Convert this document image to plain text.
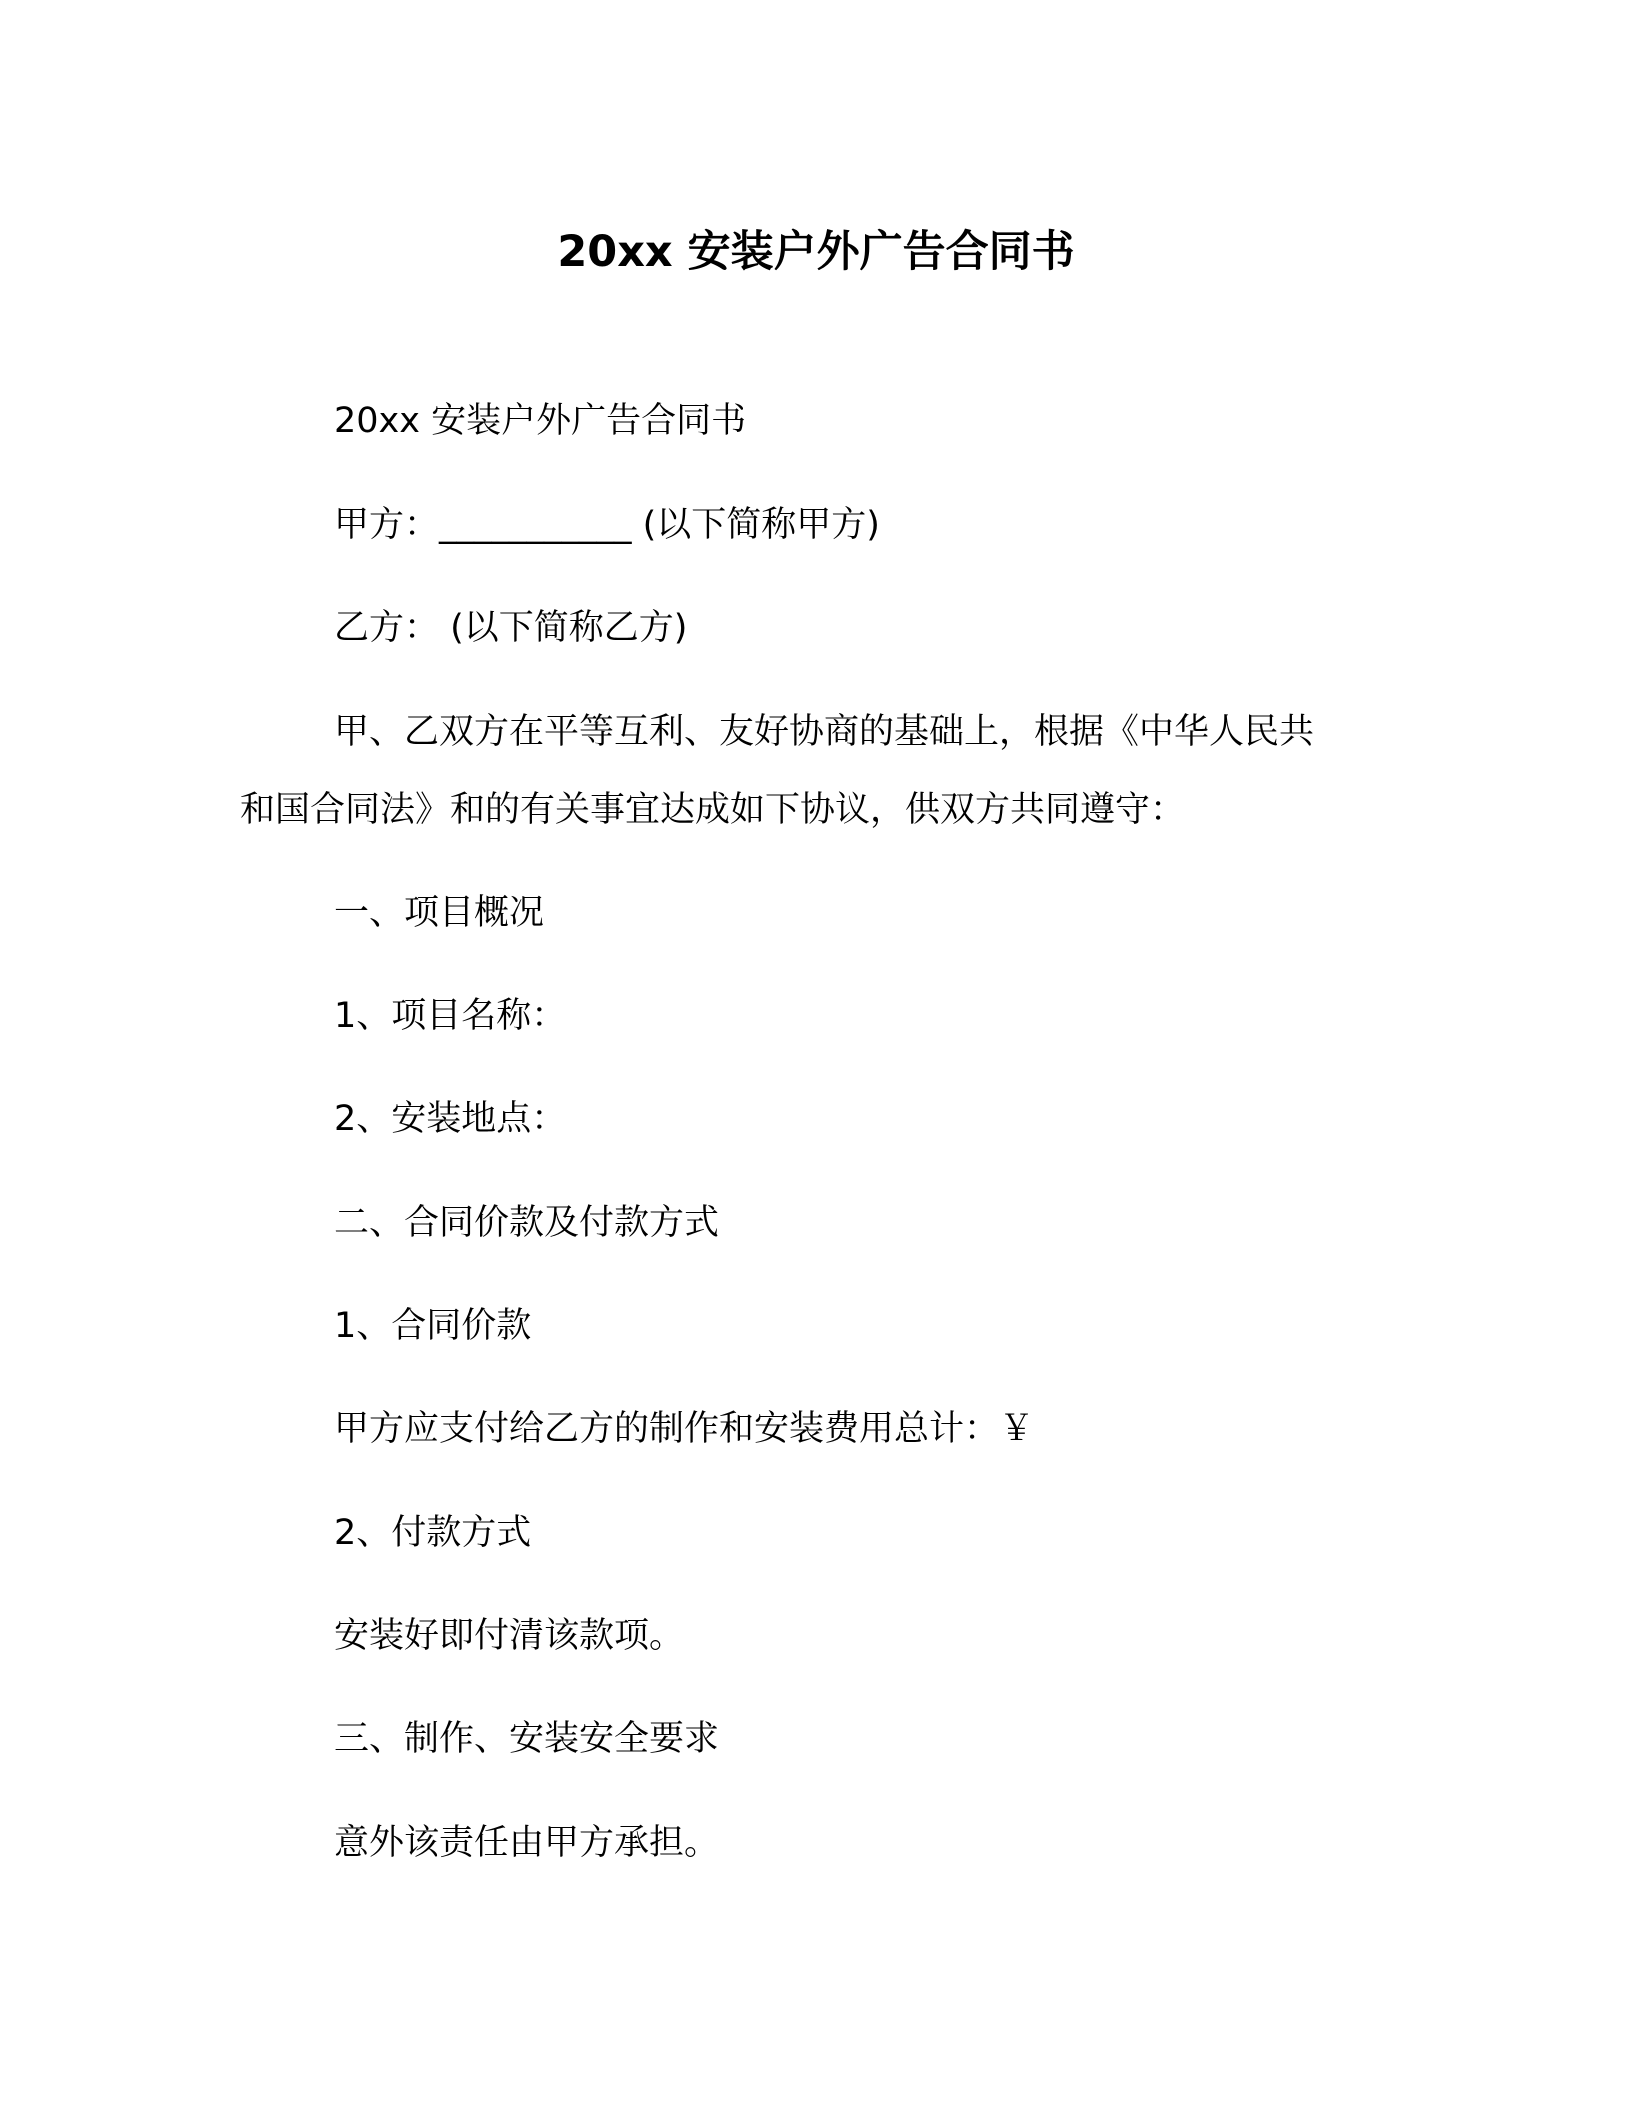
20xx 安装户外广告合同书
20xx 安装户外广告合同书
甲方：___________ (以下简称甲方)
乙方： (以下简称乙方)
甲、乙双方在平等互利、友好协商的基础上，根据《中华人民共
和国合同法》和的有关事宜达成如下协议，供双方共同遵守：
一、项目概况
1、项目名称：
2、安装地点：
二、合同价款及付款方式
1、合同价款
甲方应支付给乙方的制作和安装费用总计：￥
2、付款方式
安装好即付清该款项。
三、制作、安装安全要求
意外该责任由甲方承担。
